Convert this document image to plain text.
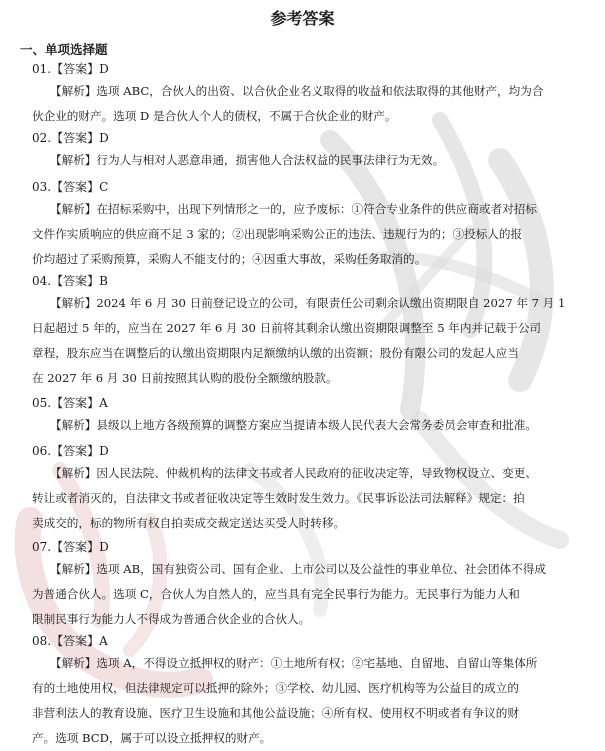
参考答案
一、单项选择题
01.【答案】D
【解析】选项 ABC，合伙人的出资、以合伙企业名义取得的收益和依法取得的其他财产，均为合
伙企业的财产。选项 D 是合伙人个人的债权，不属于合伙企业的财产。
02.【答案】D
【解析】行为人与相对人恶意串通，损害他人合法权益的民事法律行为无效。
03.【答案】C
【解析】在招标采购中，出现下列情形之一的，应予废标：①符合专业条件的供应商或者对招标
文件作实质响应的供应商不足 3 家的；②出现影响采购公正的违法、违规行为的；③投标人的报
价均超过了采购预算，采购人不能支付的；④因重大事故，采购任务取消的。
04.【答案】B
【解析】2024 年 6 月 30 日前登记设立的公司，有限责任公司剩余认缴出资期限自 2027 年 7 月 1
日起超过 5 年的，应当在 2027 年 6 月 30 日前将其剩余认缴出资期限调整至 5 年内并记载于公司
章程，股东应当在调整后的认缴出资期限内足额缴纳认缴的出资额；股份有限公司的发起人应当
在 2027 年 6 月 30 日前按照其认购的股份全额缴纳股款。
05.【答案】A
【解析】县级以上地方各级预算的调整方案应当提请本级人民代表大会常务委员会审查和批准。
06.【答案】D
【解析】因人民法院、仲裁机构的法律文书或者人民政府的征收决定等，导致物权设立、变更、
转让或者消灭的，自法律文书或者征收决定等生效时发生效力。《民事诉讼法司法解释》规定：拍
卖成交的，标的物所有权自拍卖成交裁定送达买受人时转移。
07.【答案】D
【解析】选项 AB，国有独资公司、国有企业、上市公司以及公益性的事业单位、社会团体不得成
为普通合伙人。选项 C，合伙人为自然人的，应当具有完全民事行为能力。无民事行为能力人和
限制民事行为能力人不得成为普通合伙企业的合伙人。
08.【答案】A
【解析】选项 A，不得设立抵押权的财产：①土地所有权；②宅基地、自留地、自留山等集体所
有的土地使用权，但法律规定可以抵押的除外；③学校、幼儿园、医疗机构等为公益目的成立的
非营利法人的教育设施、医疗卫生设施和其他公益设施；④所有权、使用权不明或者有争议的财
产。选项 BCD，属于可以设立抵押权的财产。
